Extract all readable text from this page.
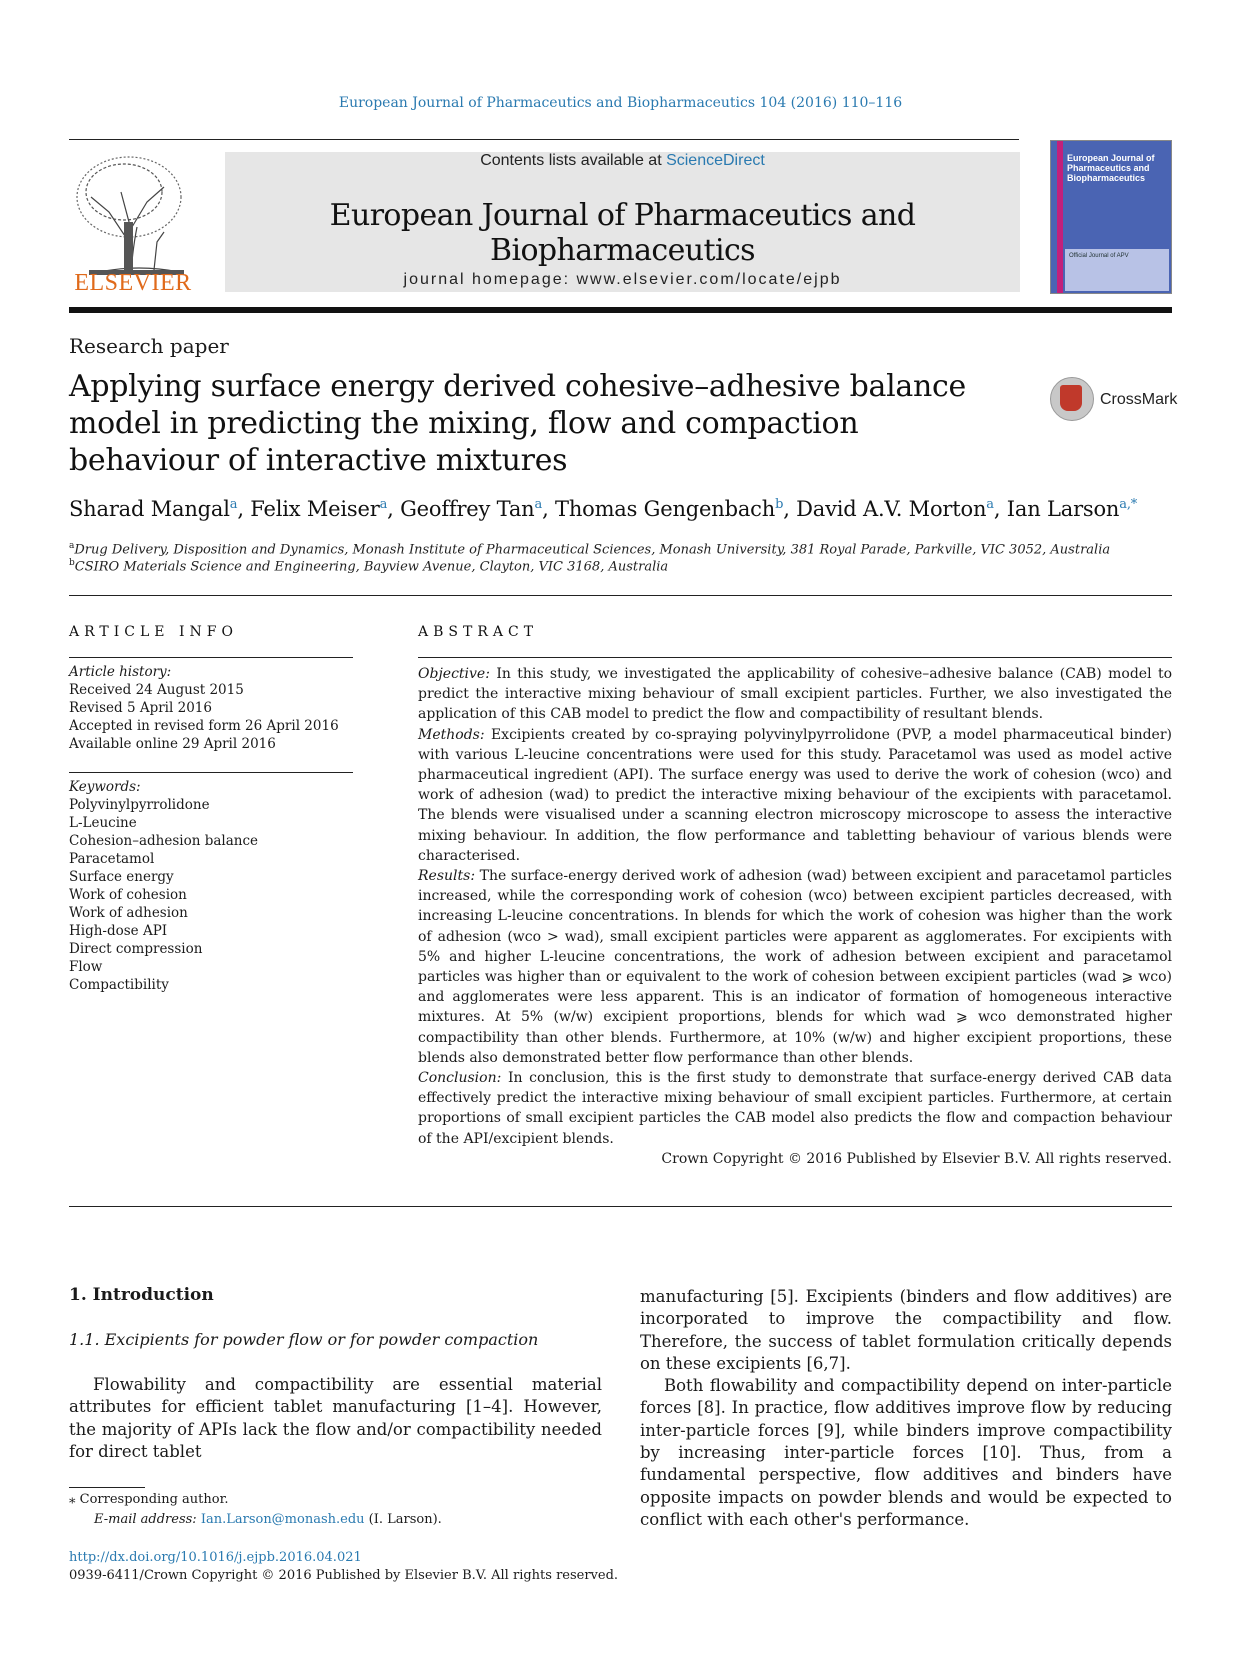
European Journal of Pharmaceutics and Biopharmaceutics 104 (2016) 110–116
ELSEVIER
Contents lists available at ScienceDirect
European Journal of Pharmaceutics and Biopharmaceutics
journal homepage: www.elsevier.com/locate/ejpb
European Journal of Pharmaceutics and Biopharmaceutics
Official Journal of APV
Research paper
Applying surface energy derived cohesive–adhesive balance model in predicting the mixing, flow and compaction behaviour of interactive mixtures
CrossMark
Sharad Mangal$^a$, Felix Meiser$^a$, Geoffrey Tan$^a$, Thomas Gengenbach$^b$, David A.V. Morton$^a$, Ian Larson$^{a,*}$
$^a$Drug Delivery, Disposition and Dynamics, Monash Institute of Pharmaceutical Sciences, Monash University, 381 Royal Parade, Parkville, VIC 3052, Australia
$^b$CSIRO Materials Science and Engineering, Bayview Avenue, Clayton, VIC 3168, Australia
ARTICLE INFO
Article history:
Received 24 August 2015
Revised 5 April 2016
Accepted in revised form 26 April 2016
Available online 29 April 2016
Keywords:
Polyvinylpyrrolidone
L-Leucine
Cohesion–adhesion balance
Paracetamol
Surface energy
Work of cohesion
Work of adhesion
High-dose API
Direct compression
Flow
Compactibility
ABSTRACT

Objective: In this study, we investigated the applicability of cohesive–adhesive balance (CAB) model to predict the interactive mixing behaviour of small excipient particles. Further, we also investigated the application of this CAB model to predict the flow and compactibility of resultant blends.

Methods: Excipients created by co-spraying polyvinylpyrrolidone (PVP, a model pharmaceutical binder) with various L-leucine concentrations were used for this study. Paracetamol was used as model active pharmaceutical ingredient (API). The surface energy was used to derive the work of cohesion (wco) and work of adhesion (wad) to predict the interactive mixing behaviour of the excipients with paracetamol. The blends were visualised under a scanning electron microscopy microscope to assess the interactive mixing behaviour. In addition, the flow performance and tabletting behaviour of various blends were characterised.

Results: The surface-energy derived work of adhesion (wad) between excipient and paracetamol particles increased, while the corresponding work of cohesion (wco) between excipient particles decreased, with increasing L-leucine concentrations. In blends for which the work of cohesion was higher than the work of adhesion (wco > wad), small excipient particles were apparent as agglomerates. For excipients with 5% and higher L-leucine concentrations, the work of adhesion between excipient and paracetamol particles was higher than or equivalent to the work of cohesion between excipient particles (wad ⩾ wco) and agglomerates were less apparent. This is an indicator of formation of homogeneous interactive mixtures. At 5% (w/w) excipient proportions, blends for which wad ⩾ wco demonstrated higher compactibility than other blends. Furthermore, at 10% (w/w) and higher excipient proportions, these blends also demonstrated better flow performance than other blends.

Conclusion: In conclusion, this is the first study to demonstrate that surface-energy derived CAB data effectively predict the interactive mixing behaviour of small excipient particles. Furthermore, at certain proportions of small excipient particles the CAB model also predicts the flow and compaction behaviour of the API/excipient blends.

Crown Copyright © 2016 Published by Elsevier B.V. All rights reserved.
1. Introduction
1.1. Excipients for powder flow or for powder compaction
Flowability and compactibility are essential material attributes for efficient tablet manufacturing [1–4]. However, the majority of APIs lack the flow and/or compactibility needed for direct tablet

manufacturing [5]. Excipients (binders and flow additives) are incorporated to improve the compactibility and flow. Therefore, the success of tablet formulation critically depends on these excipients [6,7].

Both flowability and compactibility depend on inter-particle forces [8]. In practice, flow additives improve flow by reducing inter-particle forces [9], while binders improve compactibility by increasing inter-particle forces [10]. Thus, from a fundamental perspective, flow additives and binders have opposite impacts on powder blends and would be expected to conflict with each other's performance.

⁎ Corresponding author.
E-mail address: Ian.Larson@monash.edu (I. Larson).
http://dx.doi.org/10.1016/j.ejpb.2016.04.021
0939-6411/Crown Copyright © 2016 Published by Elsevier B.V. All rights reserved.
